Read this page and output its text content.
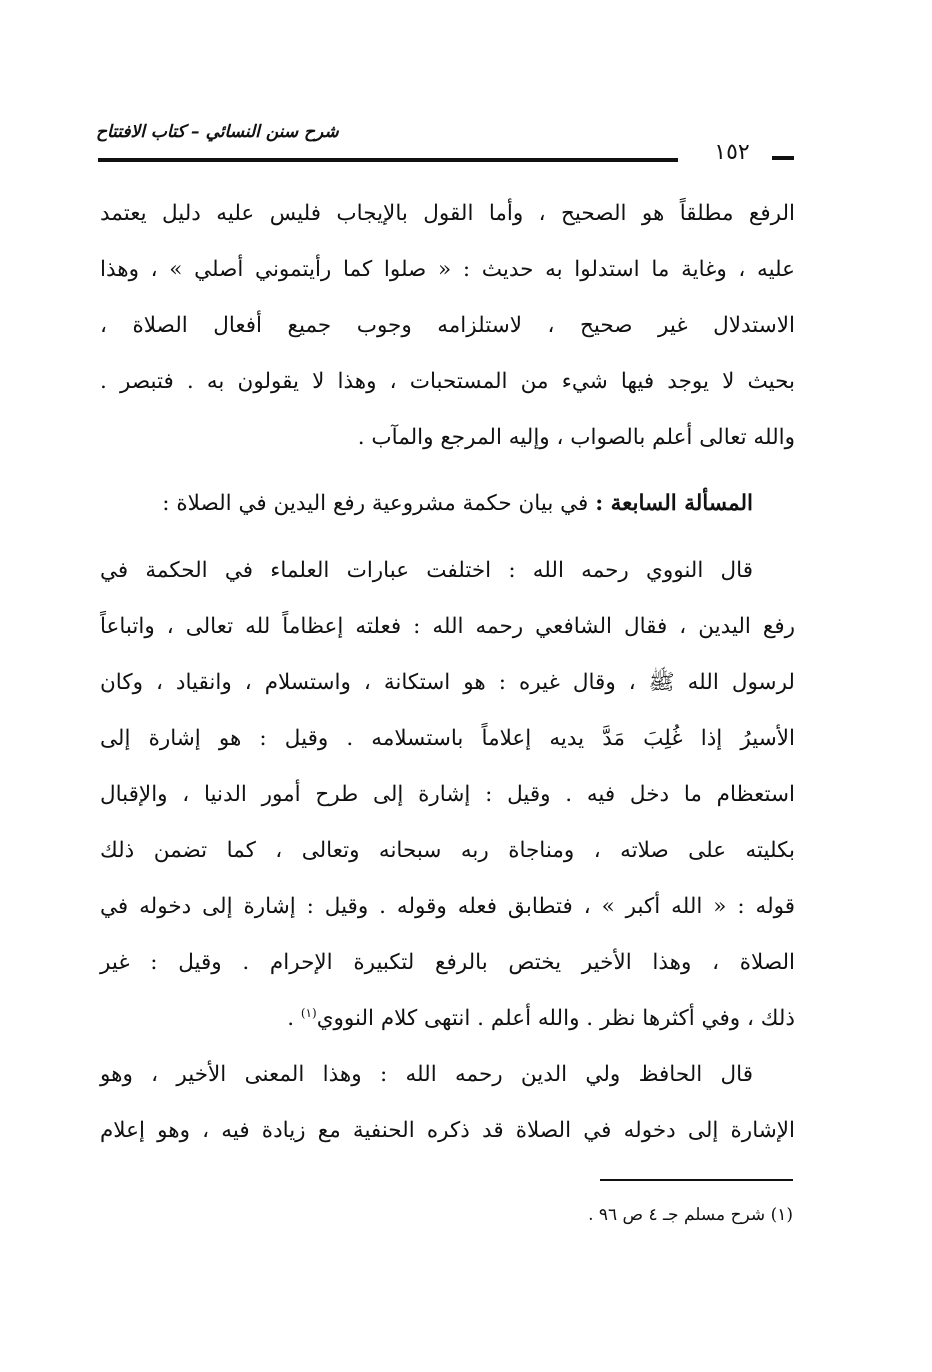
شرح سنن النسائي – كتاب الافتتاح
١٥٢
الرفع مطلقاً هو الصحيح ، وأما القول بالإيجاب فليس عليه دليل يعتمد
عليه ، وغاية ما استدلوا به حديث : « صلوا كما رأيتموني أصلي » ، وهذا
الاستدلال غير صحيح ، لاستلزامه وجوب جميع أفعال الصلاة ،
بحيث لا يوجد فيها شيء من المستحبات ، وهذا لا يقولون به . فتبصر .
والله تعالى أعلم بالصواب ، وإليه المرجع والمآب .
المسألة السابعة : في بيان حكمة مشروعية رفع اليدين في الصلاة :
قال النووي رحمه الله : اختلفت عبارات العلماء في الحكمة في
رفع اليدين ، فقال الشافعي رحمه الله : فعلته إعظاماً لله تعالى ، واتباعاً
لرسول الله ﷺ ، وقال غيره : هو استكانة ، واستسلام ، وانقياد ، وكان
الأسيرُ إذا غُلِبَ مَدَّ يديه إعلاماً باستسلامه . وقيل : هو إشارة إلى
استعظام ما دخل فيه . وقيل : إشارة إلى طرح أمور الدنيا ، والإقبال
بكليته على صلاته ، ومناجاة ربه سبحانه وتعالى ، كما تضمن ذلك
قوله : « الله أكبر » ، فتطابق فعله وقوله . وقيل : إشارة إلى دخوله في
الصلاة ، وهذا الأخير يختص بالرفع لتكبيرة الإحرام . وقيل : غير
ذلك ، وفي أكثرها نظر . والله أعلم . انتهى كلام النووي$^{(١)}$ .
قال الحافظ ولي الدين رحمه الله : وهذا المعنى الأخير ، وهو
الإشارة إلى دخوله في الصلاة قد ذكره الحنفية مع زيادة فيه ، وهو إعلام
(١) شرح مسلم جـ ٤ ص ٩٦ .
